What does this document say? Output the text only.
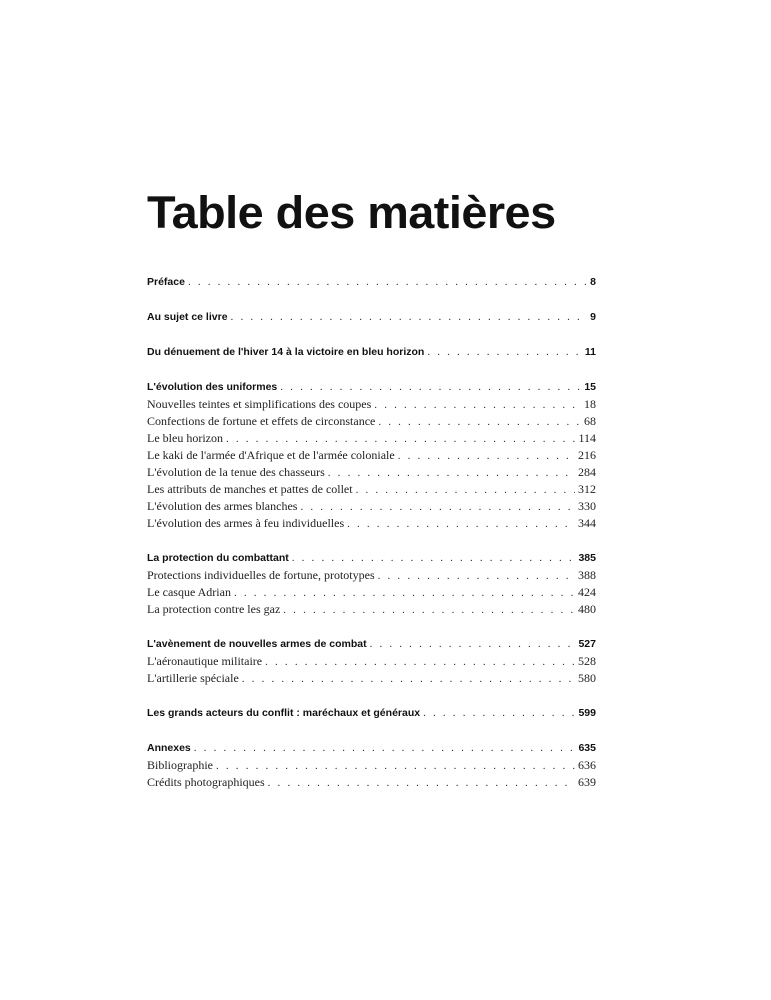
Table des matières
Préface . . .	8
Au sujet ce livre . . .	9
Du dénuement de l'hiver 14 à la victoire en bleu horizon . . .	11
L'évolution des uniformes . . .	15
Nouvelles teintes et simplifications des coupes . . .	18
Confections de fortune et effets de circonstance . . .	68
Le bleu horizon . . .	114
Le kaki de l'armée d'Afrique et de l'armée coloniale . . .	216
L'évolution de la tenue des chasseurs . . .	284
Les attributs de manches et pattes de collet . . .	312
L'évolution des armes blanches . . .	330
L'évolution des armes à feu individuelles . . .	344
La protection du combattant . . .	385
Protections individuelles de fortune, prototypes . . .	388
Le casque Adrian . . .	424
La protection contre les gaz . . .	480
L'avènement de nouvelles armes de combat . . .	527
L'aéronautique militaire . . .	528
L'artillerie spéciale . . .	580
Les grands acteurs du conflit : maréchaux et généraux . . .	599
Annexes . . .	635
Bibliographie . . .	636
Crédits photographiques . . .	639
